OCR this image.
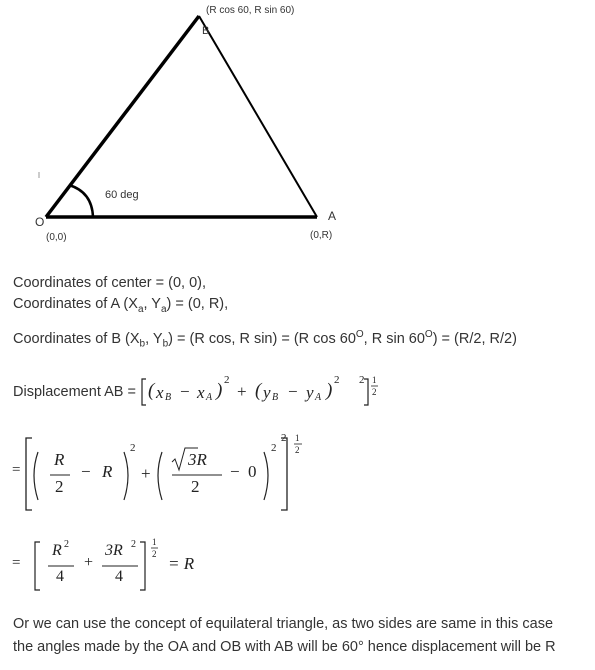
B
(R cos 60, R sin 60)
O
(0,0)
A
(0,R)
60 deg
Coordinates of center = (0, 0),
Coordinates of A ($X_a$, $Y_a) = (0$, R),
Coordinates of B ($X_b$, $Y_b) = (R$ cos, R sin) = (R $\cos 60^O$, R $\sin 60^O) = (R/2$, R/2)
Displacement AB = ( x B − x A ) 2
+ ( y B − y A ) 2 2 1
2
=
R
2
− R
2
+
3R
2
− 0
2
2 1
2
=
R 2
4
+
3R 2
4
1
2 = R
Or we can use the concept of equilateral triangle, as two sides are same in this case
the angles made by the OA and OB with AB will be 60° hence displacement will be R
